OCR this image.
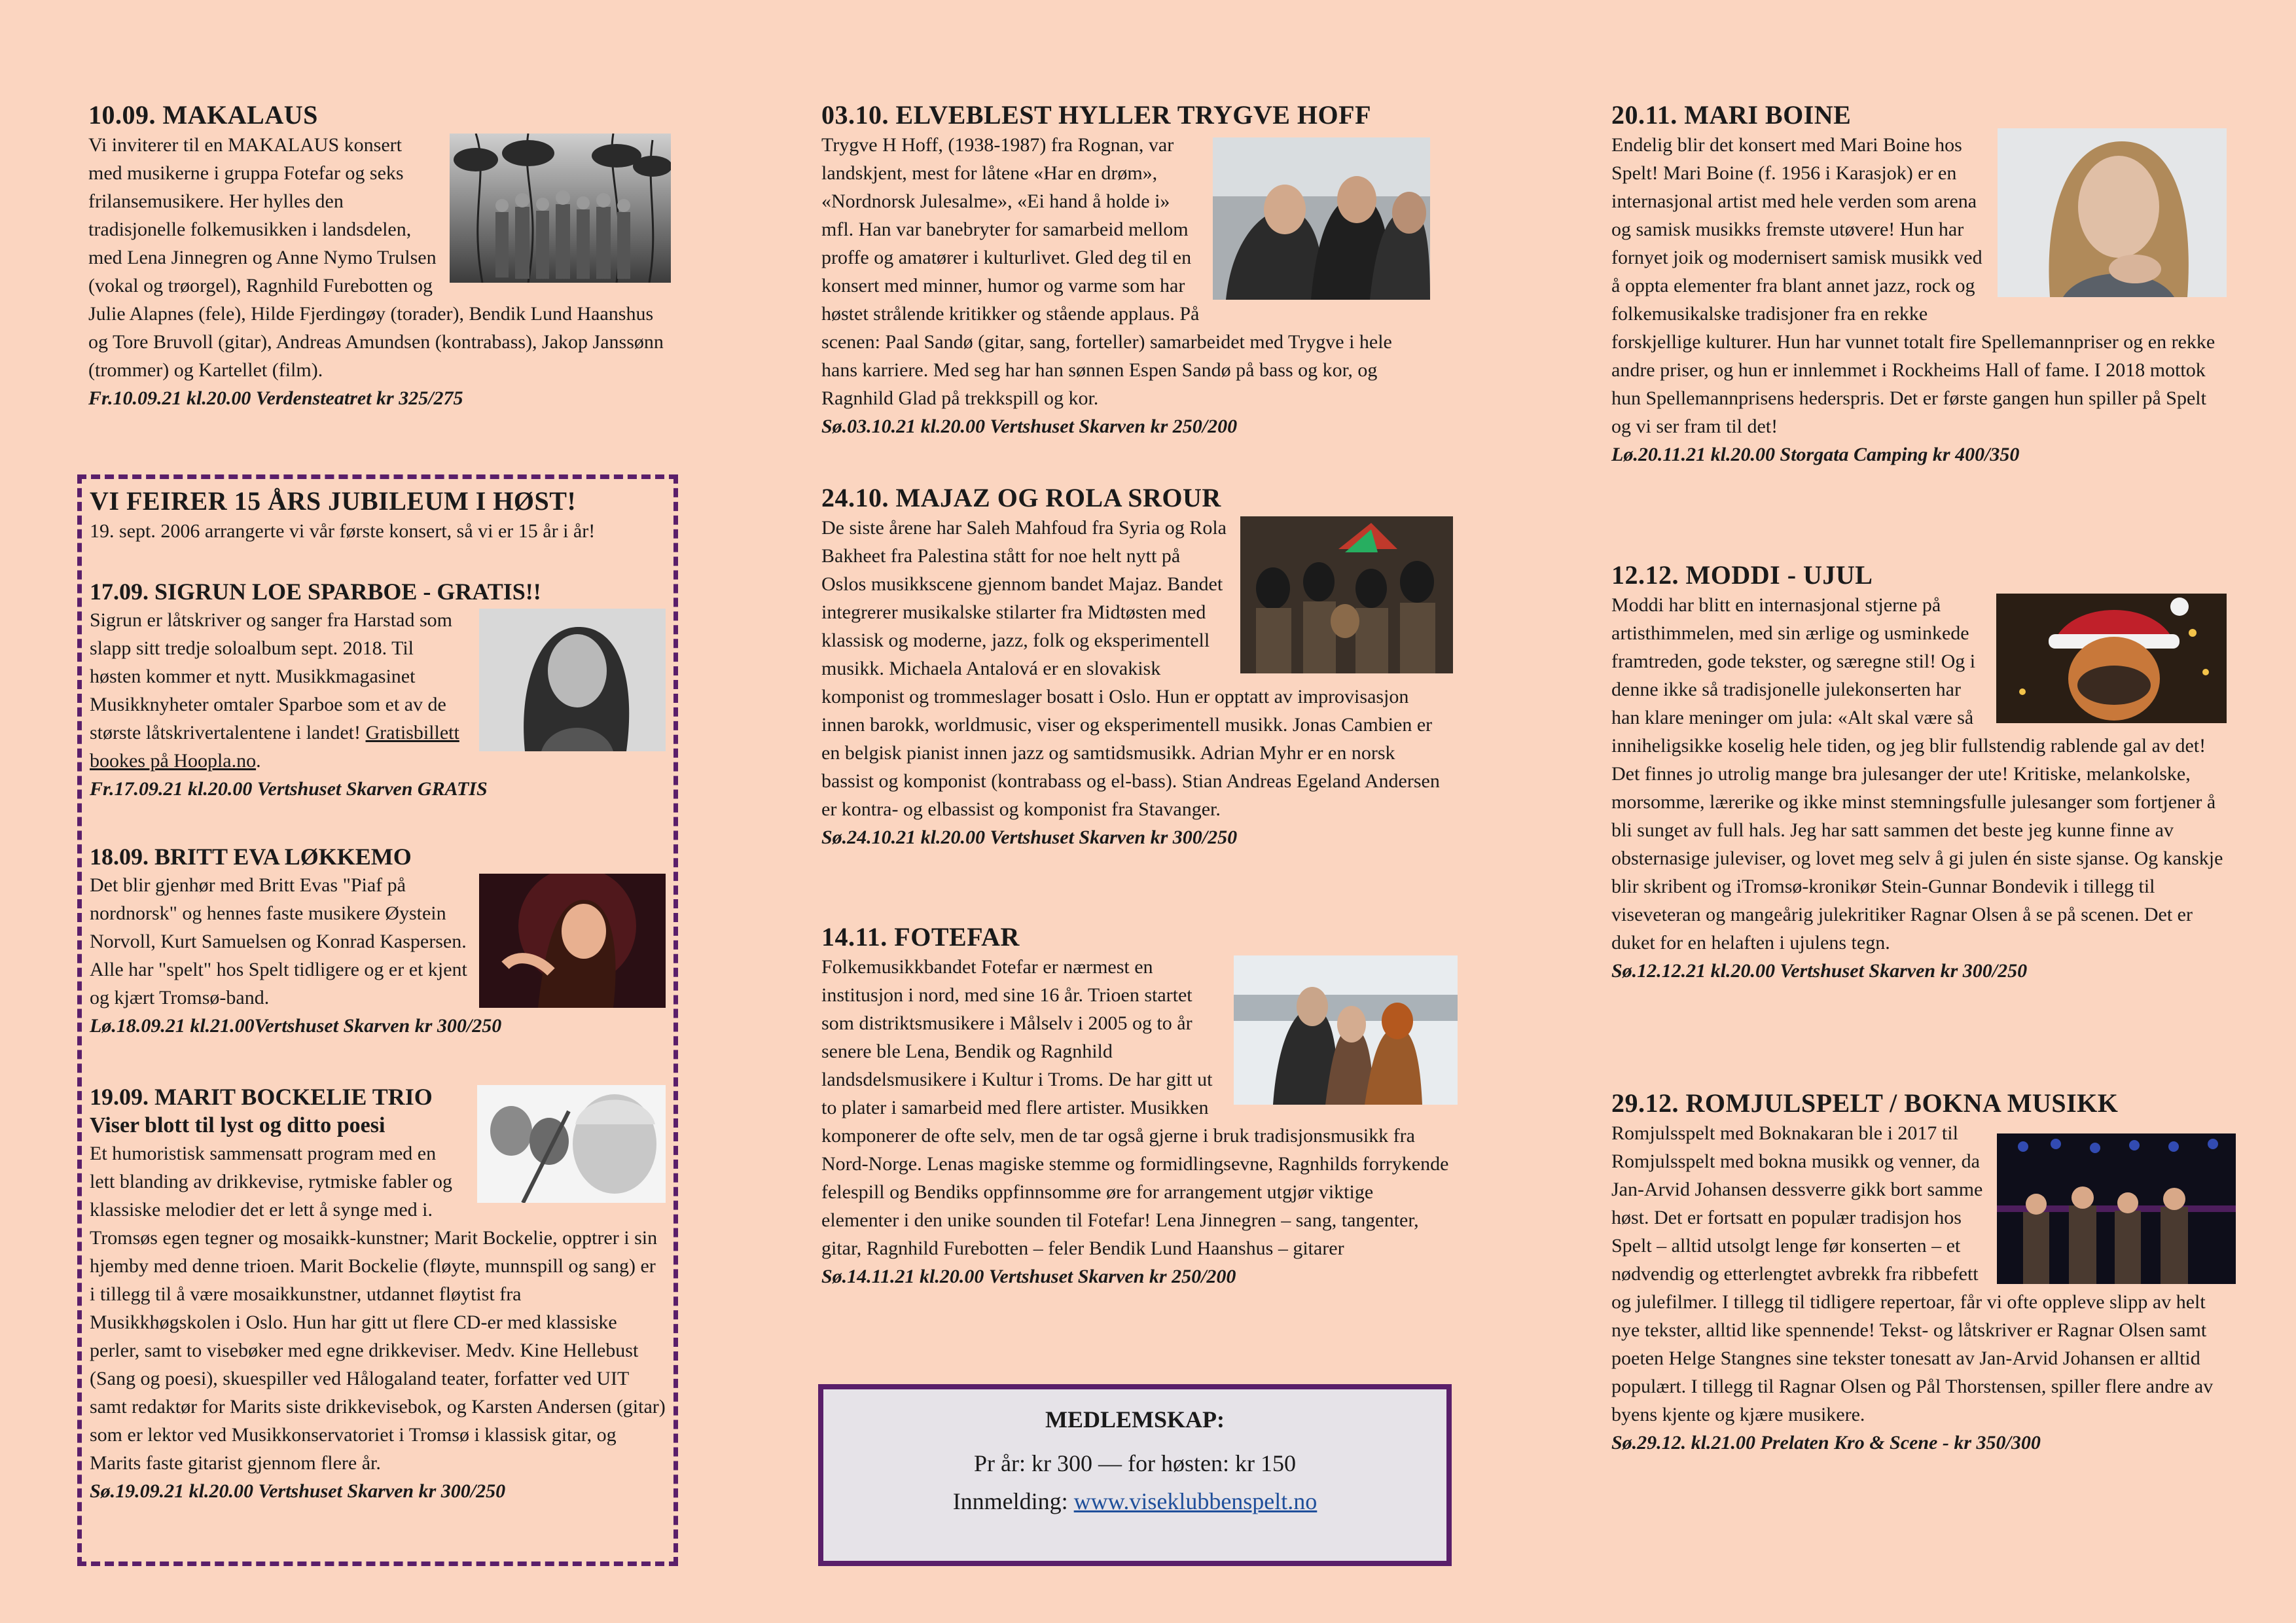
10.09. MAKALAUS

Vi inviterer til en MAKALAUS konsert med musikerne i gruppa Fotefar og seks frilansemusikere. Her hylles den tradisjonelle folkemusikken i landsdelen, med Lena Jinnegren og Anne Nymo Trulsen (vokal og trøorgel), Ragnhild Furebotten og Julie Alapnes (fele), Hilde Fjerdingøy (torader), Bendik Lund Haanshus og Tore Bruvoll (gitar), Andreas Amundsen (kontrabass), Jakop Janssønn (trommer) og Kartellet (film).

Fr.10.09.21 kl.20.00 Verdensteatret kr 325/275

VI FEIRER 15 ÅRS JUBILEUM I HØST!

19. sept. 2006 arrangerte vi vår første konsert, så vi er 15 år i år!

17.09. SIGRUN LOE SPARBOE - GRATIS!!

Sigrun er låtskriver og sanger fra Harstad som slapp sitt tredje soloalbum sept. 2018. Til høsten kommer et nytt. Musikkmagasinet Musikknyheter omtaler Sparboe som et av de største låtskrivertalentene i landet! Gratisbillett bookes på Hoopla.no.

Fr.17.09.21 kl.20.00 Vertshuset Skarven GRATIS

18.09. BRITT EVA LØKKEMO

Det blir gjenhør med Britt Evas "Piaf på nordnorsk" og hennes faste musikere Øystein Norvoll, Kurt Samuelsen og Konrad Kaspersen. Alle har "spelt" hos Spelt tidligere og er et kjent og kjært Tromsø-band.

Lø.18.09.21 kl.21.00Vertshuset Skarven kr 300/250

19.09. MARIT BOCKELIE TRIO

Viser blott til lyst og ditto poesi

Et humoristisk sammensatt program med en lett blanding av drikkevise, rytmiske fabler og klassiske melodier det er lett å synge med i. Tromsøs egen tegner og mosaikk-kunstner; Marit Bockelie, opptrer i sin hjemby med denne trioen. Marit Bockelie (fløyte, munnspill og sang) er i tillegg til å være mosaikkunstner, utdannet fløytist fra Musikkhøgskolen i Oslo. Hun har gitt ut flere CD-er med klassiske perler, samt to visebøker med egne drikkeviser. Medv. Kine Hellebust (Sang og poesi), skuespiller ved Hålogaland teater, forfatter ved UIT samt redaktør for Marits siste drikkevisebok, og Karsten Andersen (gitar) som er lektor ved Musikkonservatoriet i Tromsø i klassisk gitar, og Marits faste gitarist gjennom flere år.

Sø.19.09.21 kl.20.00 Vertshuset Skarven kr 300/250

03.10. ELVEBLEST HYLLER TRYGVE HOFF

Trygve H Hoff, (1938-1987) fra Rognan, var landskjent, mest for låtene «Har en drøm», «Nordnorsk Julesalme», «Ei hand å holde i» mfl. Han var banebryter for samarbeid mellom proffe og amatører i kulturlivet. Gled deg til en konsert med minner, humor og varme som har høstet strålende kritikker og stående applaus. På scenen: Paal Sandø (gitar, sang, forteller) samarbeidet med Trygve i hele hans karriere. Med seg har han sønnen Espen Sandø på bass og kor, og Ragnhild Glad på trekkspill og kor.

Sø.03.10.21 kl.20.00 Vertshuset Skarven kr 250/200

24.10. MAJAZ OG ROLA SROUR

De siste årene har Saleh Mahfoud fra Syria og Rola Bakheet fra Palestina stått for noe helt nytt på Oslos musikkscene gjennom bandet Majaz. Bandet integrerer musikalske stilarter fra Midtøsten med klassisk og moderne, jazz, folk og eksperimentell musikk. Michaela Antalová er en slovakisk komponist og trommeslager bosatt i Oslo. Hun er opptatt av improvisasjon innen barokk, worldmusic, viser og eksperimentell musikk. Jonas Cambien er en belgisk pianist innen jazz og samtidsmusikk. Adrian Myhr er en norsk bassist og komponist (kontrabass og el-bass). Stian Andreas Egeland Andersen er kontra- og elbassist og komponist fra Stavanger.

Sø.24.10.21 kl.20.00 Vertshuset Skarven kr 300/250

14.11. FOTEFAR

Folkemusikkbandet Fotefar er nærmest en institusjon i nord, med sine 16 år. Trioen startet som distriktsmusikere i Målselv i 2005 og to år senere ble Lena, Bendik og Ragnhild landsdelsmusikere i Kultur i Troms. De har gitt ut to plater i samarbeid med flere artister. Musikken komponerer de ofte selv, men de tar også gjerne i bruk tradisjonsmusikk fra Nord-Norge. Lenas magiske stemme og formidlingsevne, Ragnhilds forrykende felespill og Bendiks oppfinnsomme øre for arrangement utgjør viktige elementer i den unike sounden til Fotefar! Lena Jinnegren – sang, tangenter, gitar, Ragnhild Furebotten – feler Bendik Lund Haanshus – gitarer

Sø.14.11.21 kl.20.00 Vertshuset Skarven kr 250/200

MEDLEMSKAP:
Pr år: kr 300 — for høsten: kr 150
Innmelding: www.viseklubbenspelt.no
20.11. MARI BOINE

Endelig blir det konsert med Mari Boine hos Spelt! Mari Boine (f. 1956 i Karasjok) er en internasjonal artist med hele verden som arena og samisk musikks fremste utøvere! Hun har fornyet joik og modernisert samisk musikk ved å oppta elementer fra blant annet jazz, rock og folkemusikalske tradisjoner fra en rekke forskjellige kulturer. Hun har vunnet totalt fire Spellemannpriser og en rekke andre priser, og hun er innlemmet i Rockheims Hall of fame. I 2018 mottok hun Spellemannprisens hederspris. Det er første gangen hun spiller på Spelt og vi ser fram til det!

Lø.20.11.21 kl.20.00 Storgata Camping kr 400/350

12.12. MODDI - UJUL

Moddi har blitt en internasjonal stjerne på artisthimmelen, med sin ærlige og usminkede framtreden, gode tekster, og særegne stil! Og i denne ikke så tradisjonelle julekonserten har han klare meninger om jula: «Alt skal være så inniheligsikke koselig hele tiden, og jeg blir fullstendig rablende gal av det! Det finnes jo utrolig mange bra julesanger der ute! Kritiske, melankolske, morsomme, lærerike og ikke minst stemningsfulle julesanger som fortjener å bli sunget av full hals. Jeg har satt sammen det beste jeg kunne finne av obsternasige juleviser, og lovet meg selv å gi julen én siste sjanse. Og kanskje blir skribent og iTromsø-kronikør Stein-Gunnar Bondevik i tillegg til viseveteran og mangeårig julekritiker Ragnar Olsen å se på scenen. Det er duket for en helaften i ujulens tegn.

Sø.12.12.21 kl.20.00 Vertshuset Skarven kr 300/250

29.12. ROMJULSPELT / BOKNA MUSIKK

Romjulsspelt med Boknakaran ble i 2017 til Romjulsspelt med bokna musikk og venner, da Jan-Arvid Johansen dessverre gikk bort samme høst. Det er fortsatt en populær tradisjon hos Spelt – alltid utsolgt lenge før konserten – et nødvendig og etterlengtet avbrekk fra ribbefett og julefilmer. I tillegg til tidligere repertoar, får vi ofte oppleve slipp av helt nye tekster, alltid like spennende! Tekst- og låtskriver er Ragnar Olsen samt poeten Helge Stangnes sine tekster tonesatt av Jan-Arvid Johansen er alltid populært. I tillegg til Ragnar Olsen og Pål Thorstensen, spiller flere andre av byens kjente og kjære musikere.

Sø.29.12. kl.21.00 Prelaten Kro & Scene - kr 350/300
